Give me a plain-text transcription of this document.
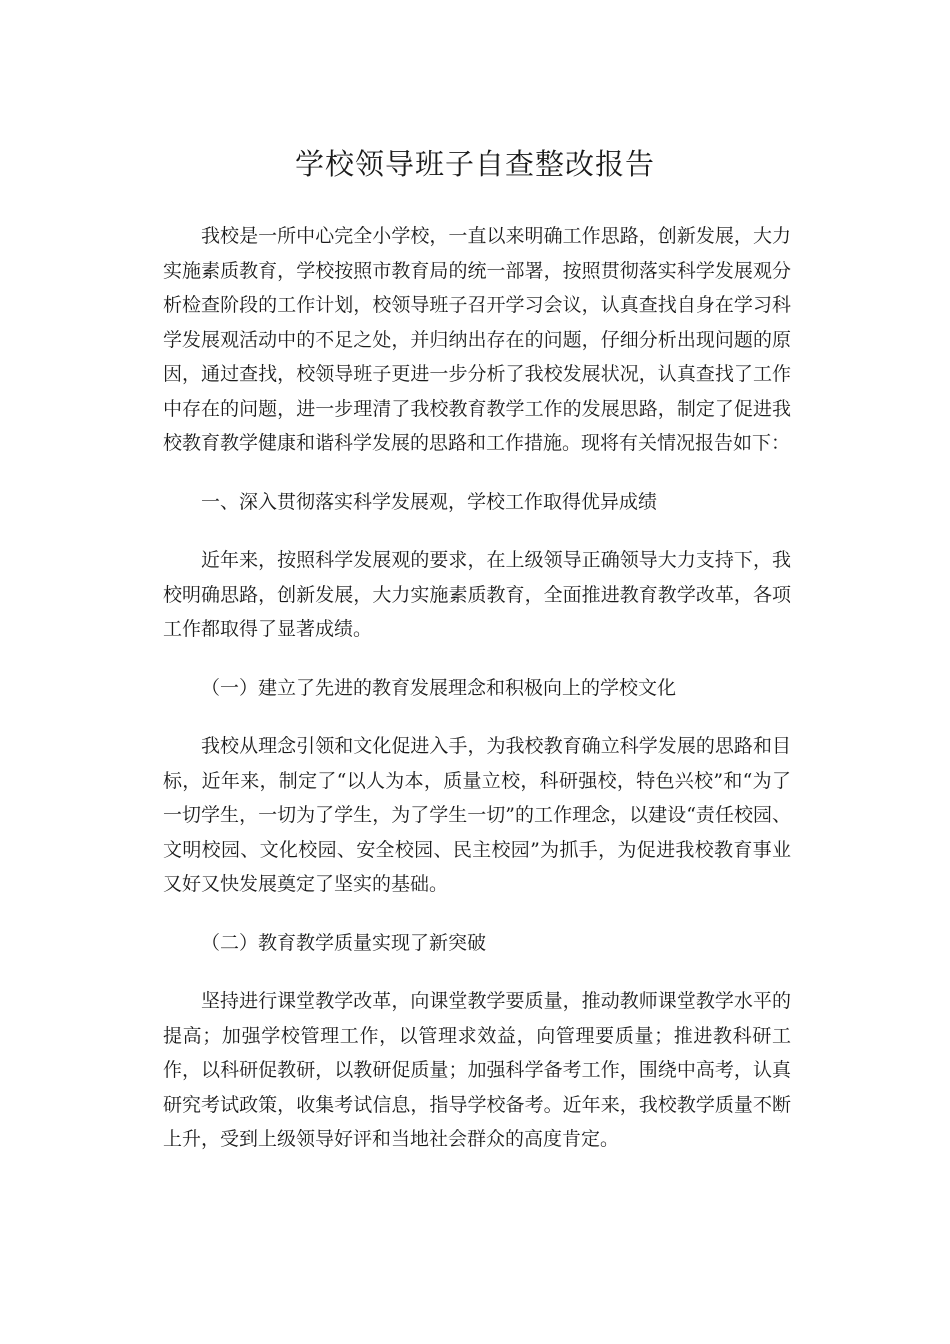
学校领导班子自查整改报告

我校是一所中心完全小学校，一直以来明确工作思路，创新发展，大力实施素质教育，学校按照市教育局的统一部署，按照贯彻落实科学发展观分析检查阶段的工作计划，校领导班子召开学习会议，认真查找自身在学习科学发展观活动中的不足之处，并归纳出存在的问题，仔细分析出现问题的原因，通过查找，校领导班子更进一步分析了我校发展状况，认真查找了工作中存在的问题，进一步理清了我校教育教学工作的发展思路，制定了促进我校教育教学健康和谐科学发展的思路和工作措施。现将有关情况报告如下：

一、深入贯彻落实科学发展观，学校工作取得优异成绩

近年来，按照科学发展观的要求，在上级领导正确领导大力支持下，我校明确思路，创新发展，大力实施素质教育，全面推进教育教学改革，各项工作都取得了显著成绩。

（一）建立了先进的教育发展理念和积极向上的学校文化

我校从理念引领和文化促进入手，为我校教育确立科学发展的思路和目标，近年来，制定了“以人为本，质量立校，科研强校，特色兴校”和“为了一切学生，一切为了学生，为了学生一切”的工作理念，以建设“责任校园、文明校园、文化校园、安全校园、民主校园”为抓手，为促进我校教育事业又好又快发展奠定了坚实的基础。

（二）教育教学质量实现了新突破

坚持进行课堂教学改革，向课堂教学要质量，推动教师课堂教学水平的提高；加强学校管理工作，以管理求效益，向管理要质量；推进教科研工作，以科研促教研，以教研促质量；加强科学备考工作，围绕中高考，认真研究考试政策，收集考试信息，指导学校备考。近年来，我校教学质量不断上升，受到上级领导好评和当地社会群众的高度肯定。
